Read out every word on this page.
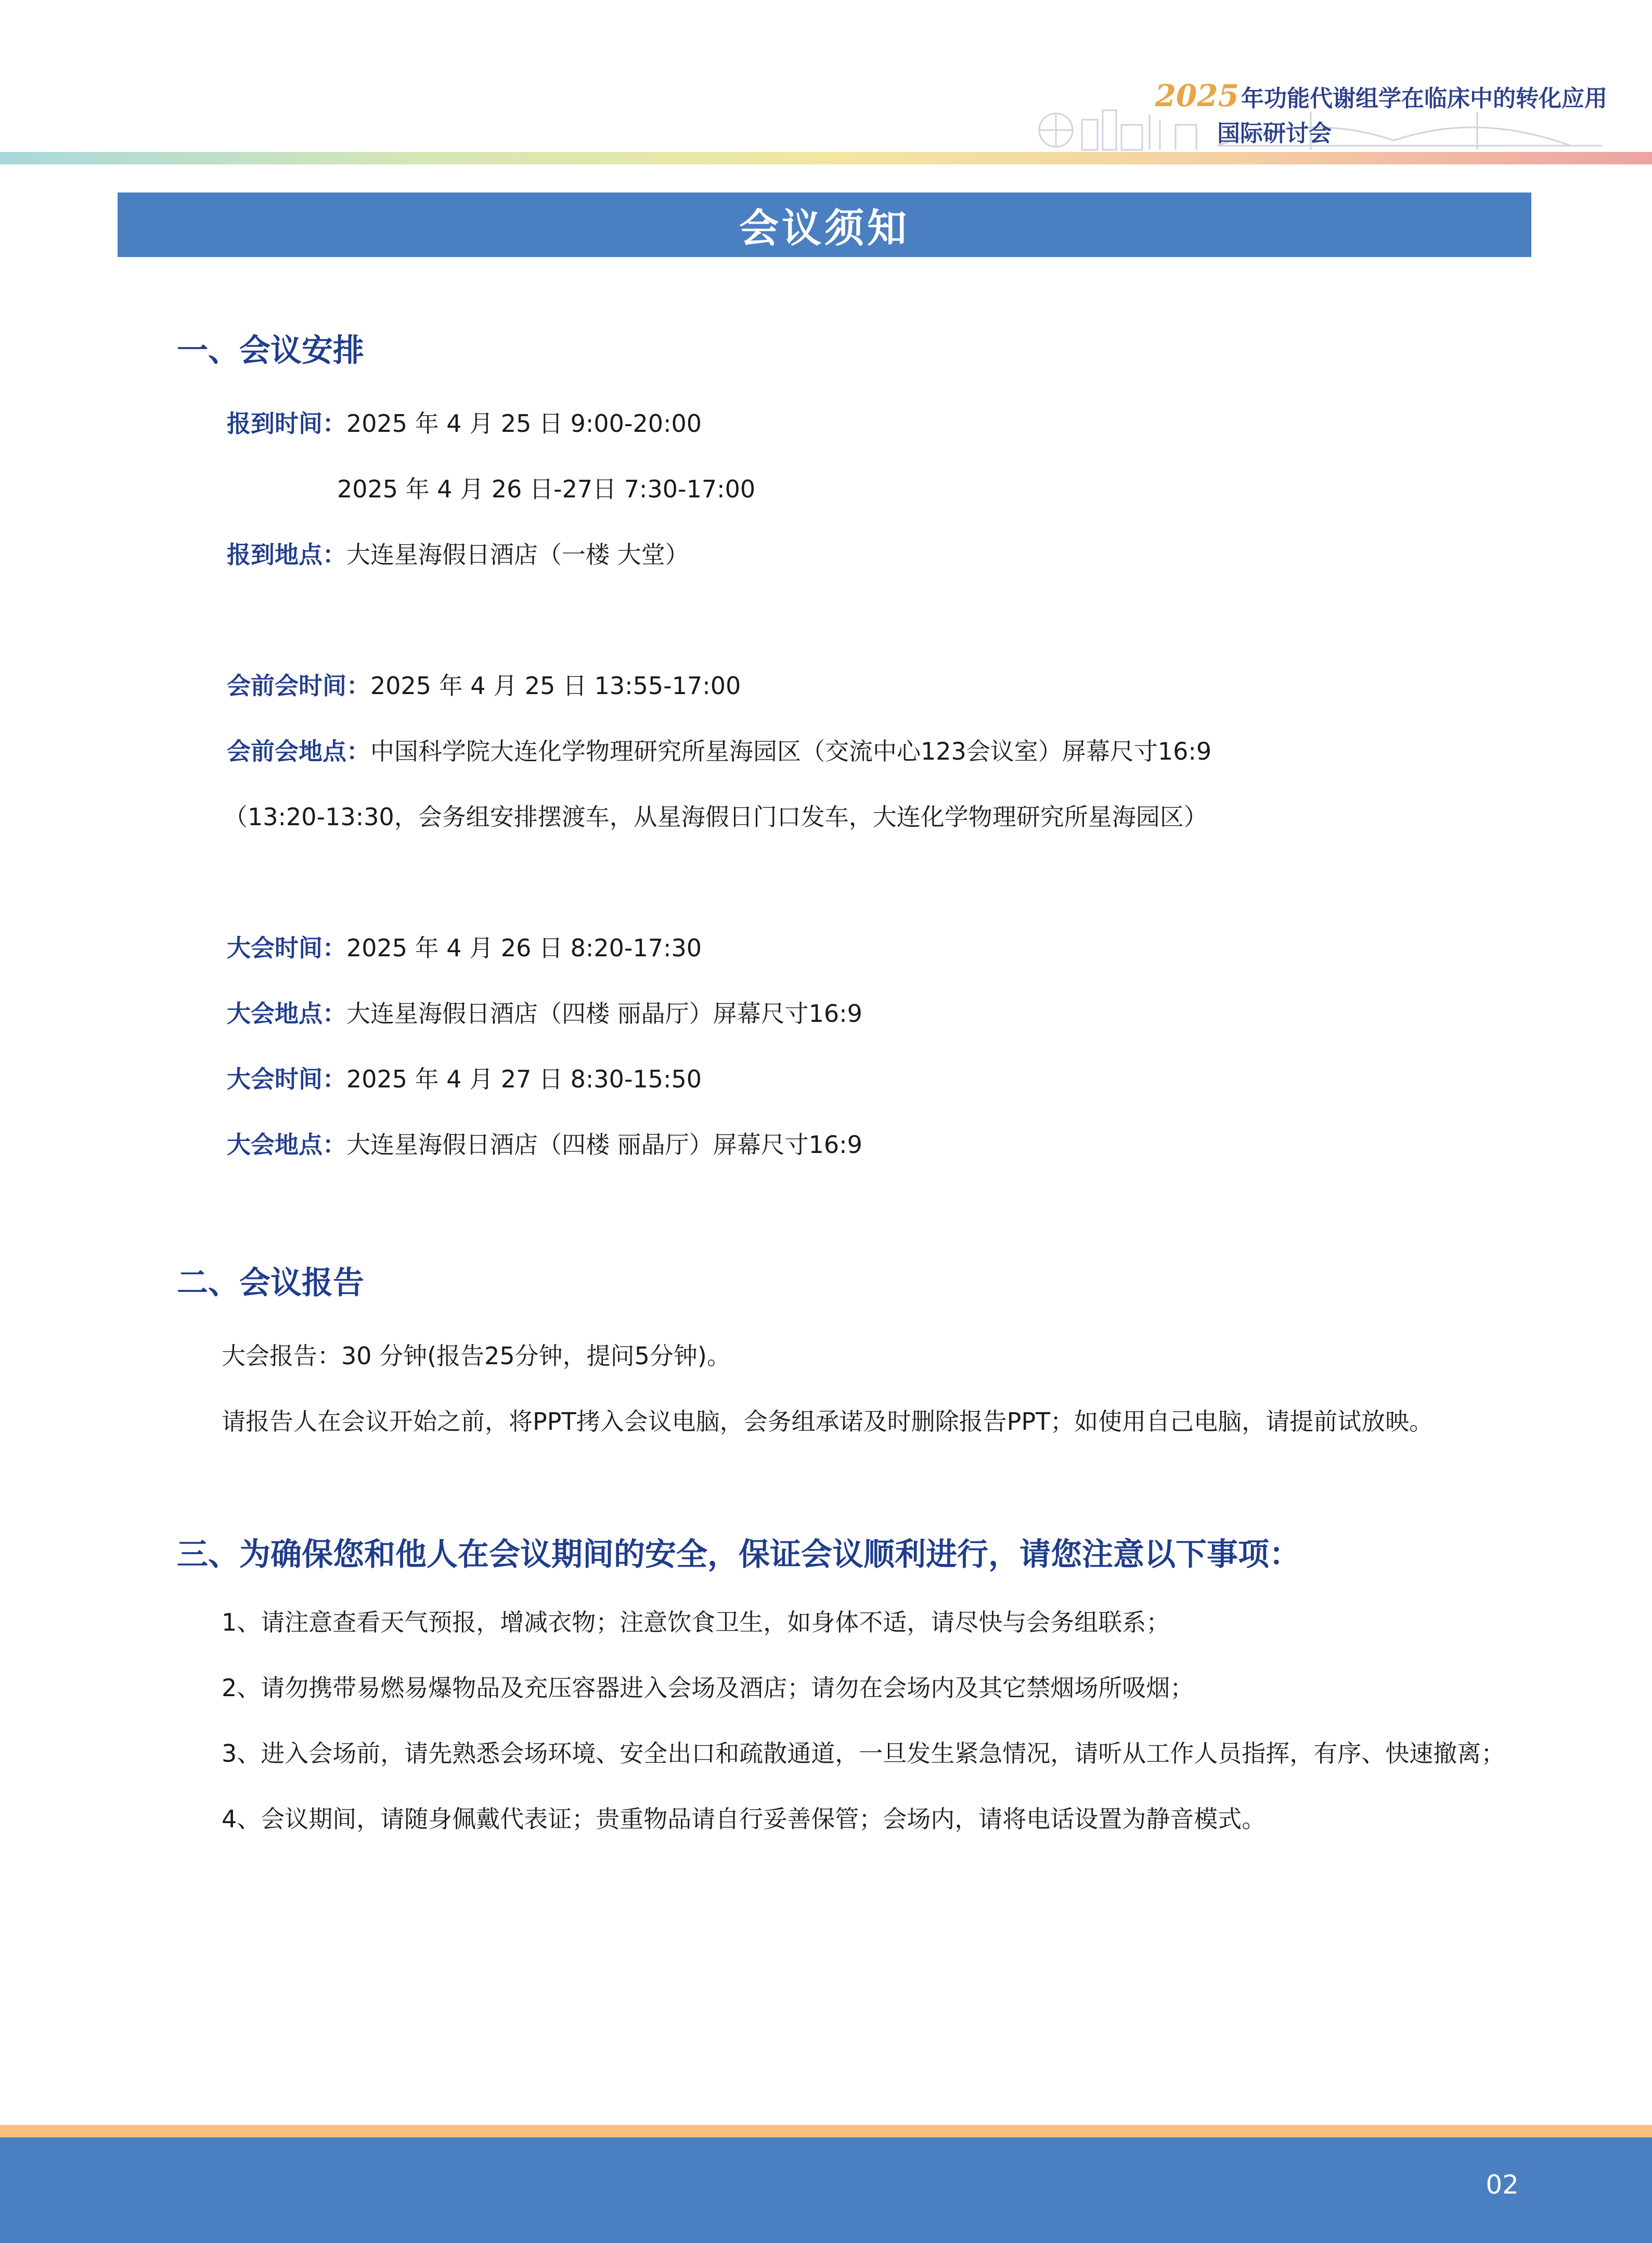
2025年功能代谢组学在临床中的转化应用
国际研讨会
会议须知
一、会议安排
报到时间：2025 年 4 月 25 日 9:00-20:00
2025 年 4 月 26 日-27日 7:30-17:00
报到地点：大连星海假日酒店（一楼 大堂）
会前会时间：2025 年 4 月 25 日 13:55-17:00
会前会地点：中国科学院大连化学物理研究所星海园区（交流中心123会议室）屏幕尺寸16:9
（13:20-13:30，会务组安排摆渡车，从星海假日门口发车，大连化学物理研究所星海园区）
大会时间：2025 年 4 月 26 日 8:20-17:30
大会地点：大连星海假日酒店（四楼 丽晶厅）屏幕尺寸16:9
大会时间：2025 年 4 月 27 日 8:30-15:50
大会地点：大连星海假日酒店（四楼 丽晶厅）屏幕尺寸16:9
二、会议报告
大会报告：30 分钟(报告25分钟，提问5分钟)。
请报告人在会议开始之前，将PPT拷入会议电脑，会务组承诺及时删除报告PPT；如使用自己电脑，请提前试放映。
三、为确保您和他人在会议期间的安全，保证会议顺利进行，请您注意以下事项：
1、请注意查看天气预报，增减衣物；注意饮食卫生，如身体不适，请尽快与会务组联系；
2、请勿携带易燃易爆物品及充压容器进入会场及酒店；请勿在会场内及其它禁烟场所吸烟；
3、进入会场前，请先熟悉会场环境、安全出口和疏散通道，一旦发生紧急情况，请听从工作人员指挥，有序、快速撤离；
4、会议期间，请随身佩戴代表证；贵重物品请自行妥善保管；会场内，请将电话设置为静音模式。
02
